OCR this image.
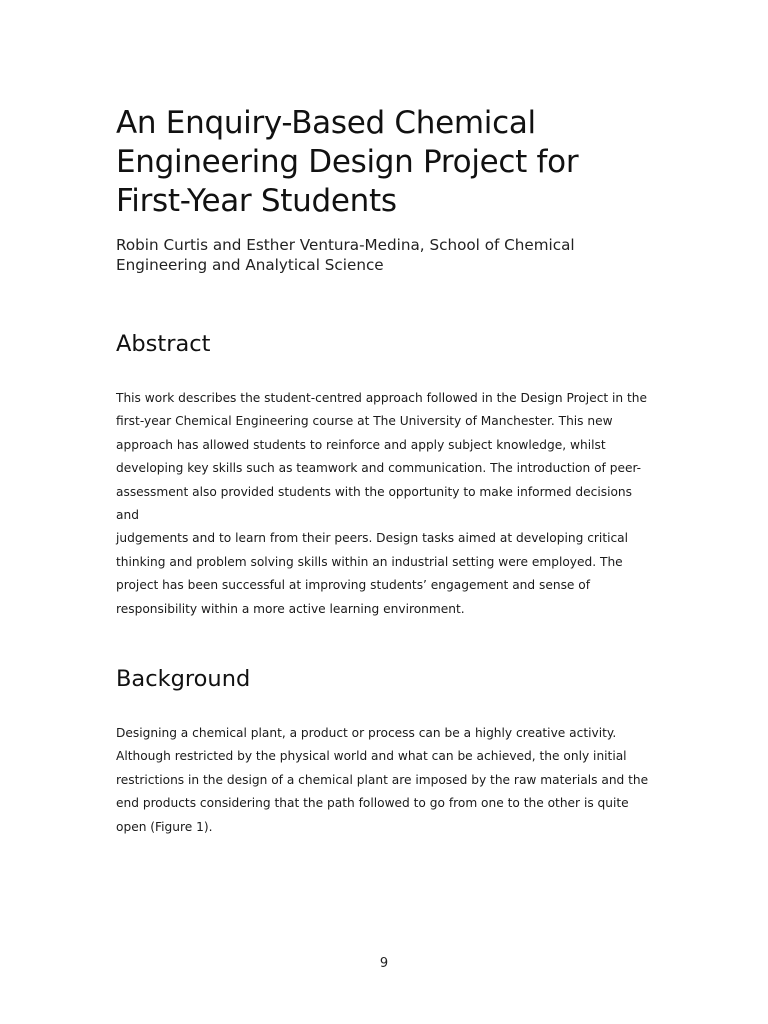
An Enquiry-Based Chemical
Engineering Design Project for
First-Year Students

Robin Curtis and Esther Ventura-Medina, School of Chemical
Engineering and Analytical Science

Abstract

This work describes the student-centred approach followed in the Design Project in the
first-year Chemical Engineering course at The University of Manchester. This new
approach has allowed students to reinforce and apply subject knowledge, whilst
developing key skills such as teamwork and communication. The introduction of peer-
assessment also provided students with the opportunity to make informed decisions and
judgements and to learn from their peers. Design tasks aimed at developing critical
thinking and problem solving skills within an industrial setting were employed. The
project has been successful at improving students’ engagement and sense of
responsibility within a more active learning environment.

Background

Designing a chemical plant, a product or process can be a highly creative activity.
Although restricted by the physical world and what can be achieved, the only initial
restrictions in the design of a chemical plant are imposed by the raw materials and the
end products considering that the path followed to go from one to the other is quite
open (Figure 1).

9
